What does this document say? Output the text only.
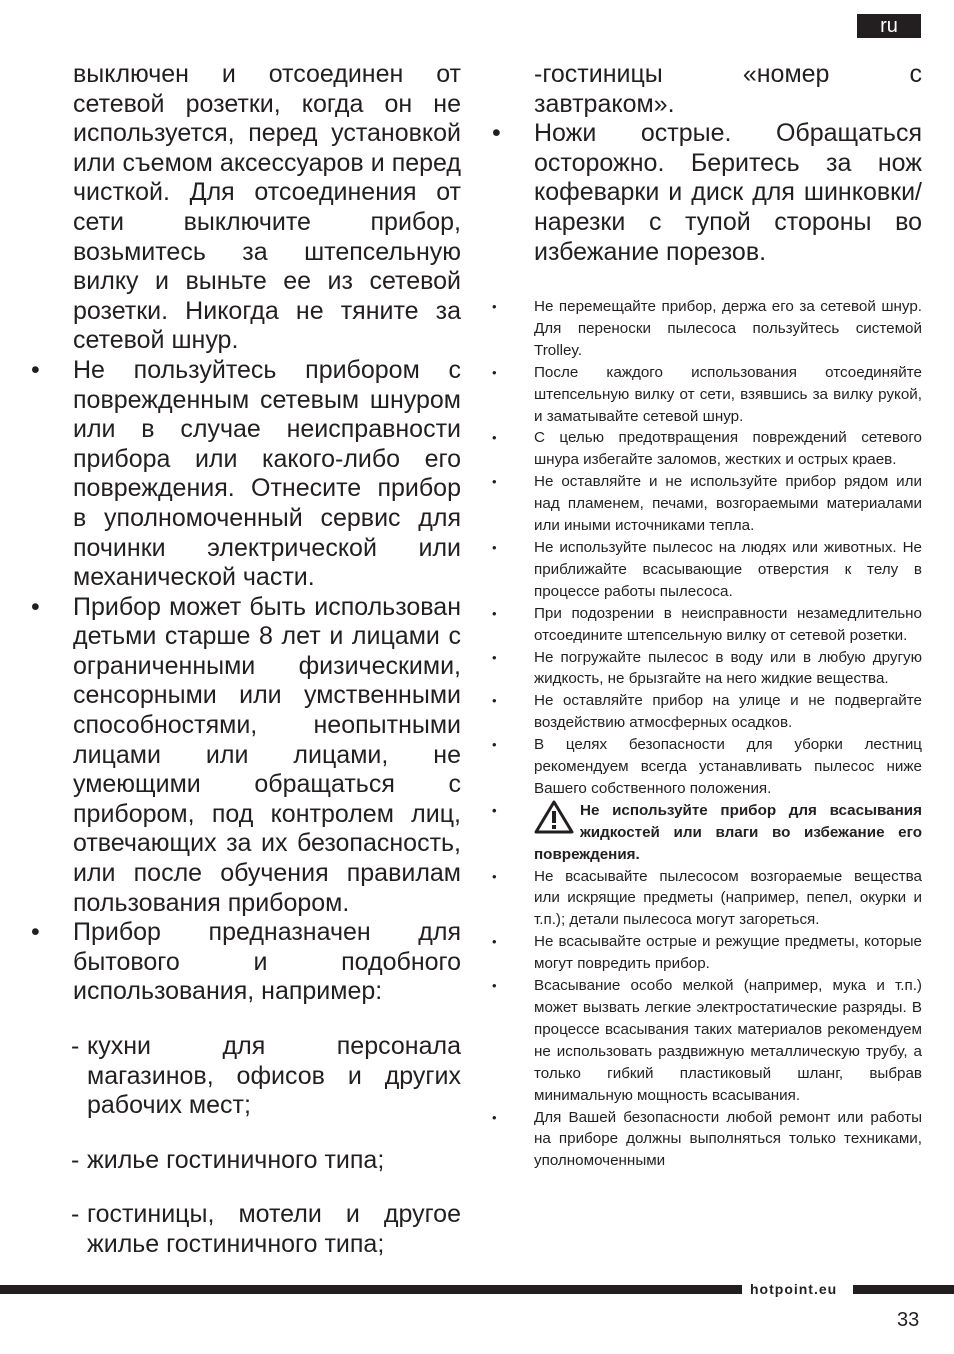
ru

выключен и отсоединен от сетевой розетки, когда он не используется, перед установкой или съемом аксессуаров и перед чисткой. Для отсоединения от сети выключите прибор, возьмитесь за штепсельную вилку и выньте ее из сетевой розетки. Никогда не тяните за сетевой шнур.

• Не пользуйтесь прибором с поврежденным сетевым шнуром или в случае неисправности прибора или какого-либо его повреждения. Отнесите прибор в уполномоченный сервис для починки электрической или механической части.

• Прибор может быть использован детьми старше 8 лет и лицами с ограниченными физическими, сенсорными или умственными способностями, неопытными лицами или лицами, не умеющими обращаться с прибором, под контролем лиц, отвечающих за их безопасность, или после обучения правилам пользования прибором.

• Прибор предназначен для бытового и подобного использования, например:

- кухни для персонала магазинов, офисов и других рабочих мест;

- жилье гостиничного типа;

- гостиницы, мотели и другое жилье гостиничного типа;

-гостиницы «номер с завтраком».

• Ножи острые. Обращаться осторожно. Беритесь за нож кофеварки и диск для шинковки/нарезки с тупой стороны во избежание порезов.

• Не перемещайте прибор, держа его за сетевой шнур. Для переноски пылесоса пользуйтесь системой Trolley.

• После каждого использования отсоединяйте штепсельную вилку от сети, взявшись за вилку рукой, и заматывайте сетевой шнур.

• С целью предотвращения повреждений сетевого шнура избегайте заломов, жестких и острых краев.

• Не оставляйте и не используйте прибор рядом или над пламенем, печами, возгораемыми материалами или иными источниками тепла.

• Не используйте пылесос на людях или животных. Не приближайте всасывающие отверстия к телу в процессе работы пылесоса.

• При подозрении в неисправности незамедлительно отсоедините штепсельную вилку от сетевой розетки.

• Не погружайте пылесос в воду или в любую другую жидкость, не брызгайте на него жидкие вещества.

• Не оставляйте прибор на улице и не подвергайте воздействию атмосферных осадков.

• В целях безопасности для уборки лестниц рекомендуем всегда устанавливать пылесос ниже Вашего собственного положения.

•	Не используйте прибор для всасывания жидкостей или влаги во избежание его повреждения.

• Не всасывайте пылесосом возгораемые вещества или искрящие предметы (например, пепел, окурки и т.п.); детали пылесоса могут загореться.

• Не всасывайте острые и режущие предметы, которые могут повредить прибор.

• Всасывание особо мелкой (например, мука и т.п.) может вызвать легкие электростатические разряды. В процессе всасывания таких материалов рекомендуем не использовать раздвижную металлическую трубу, а только гибкий пластиковый шланг, выбрав минимальную мощность всасывания.

• Для Вашей безопасности любой ремонт или работы на приборе должны выполняться только техниками, уполномоченными

hotpoint.eu
33
